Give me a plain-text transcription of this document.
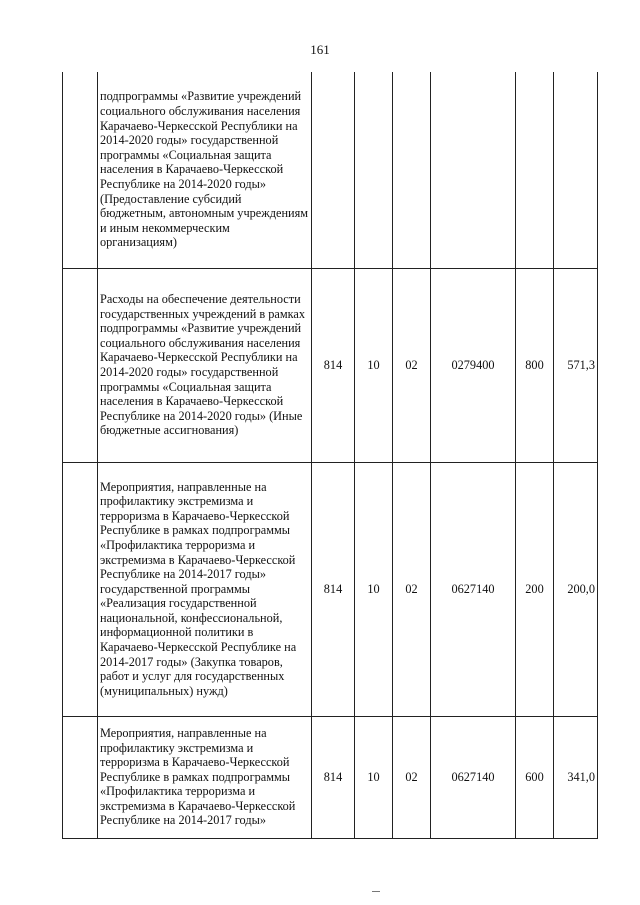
161

	подпрограммы «Развитие учреждений социального обслуживания населения Карачаево-Черкесской Республики на 2014-2020 годы» государственной программы «Социальная защита населения в Карачаево-Черкесской Республике на 2014-2020 годы» (Предоставление субсидий бюджетным, автономным учреждениям и иным некоммерческим организациям)						

	Расходы на обеспечение деятельности государственных учреждений в рамках подпрограммы «Развитие учреждений социального обслуживания населения Карачаево-Черкесской Республики на 2014-2020 годы» государственной программы «Социальная защита населения в Карачаево-Черкесской Республике на 2014-2020 годы» (Иные бюджетные ассигнования)	814	10	02	0279400	800	571,3

	Мероприятия, направленные на профилактику экстремизма и терроризма в Карачаево-Черкесской Республике в рамках подпрограммы «Профилактика терроризма и экстремизма в Карачаево-Черкесской Республике на 2014-2017 годы» государственной программы «Реализация государственной национальной, конфессиональной, информационной политики в Карачаево-Черкесской Республике на 2014-2017 годы» (Закупка товаров, работ и услуг для государственных (муниципальных) нужд)	814	10	02	0627140	200	200,0

	Мероприятия, направленные на профилактику экстремизма и терроризма в Карачаево-Черкесской Республике в рамках подпрограммы «Профилактика терроризма и экстремизма в Карачаево-Черкесской Республике на 2014-2017 годы»	814	10	02	0627140	600	341,0
